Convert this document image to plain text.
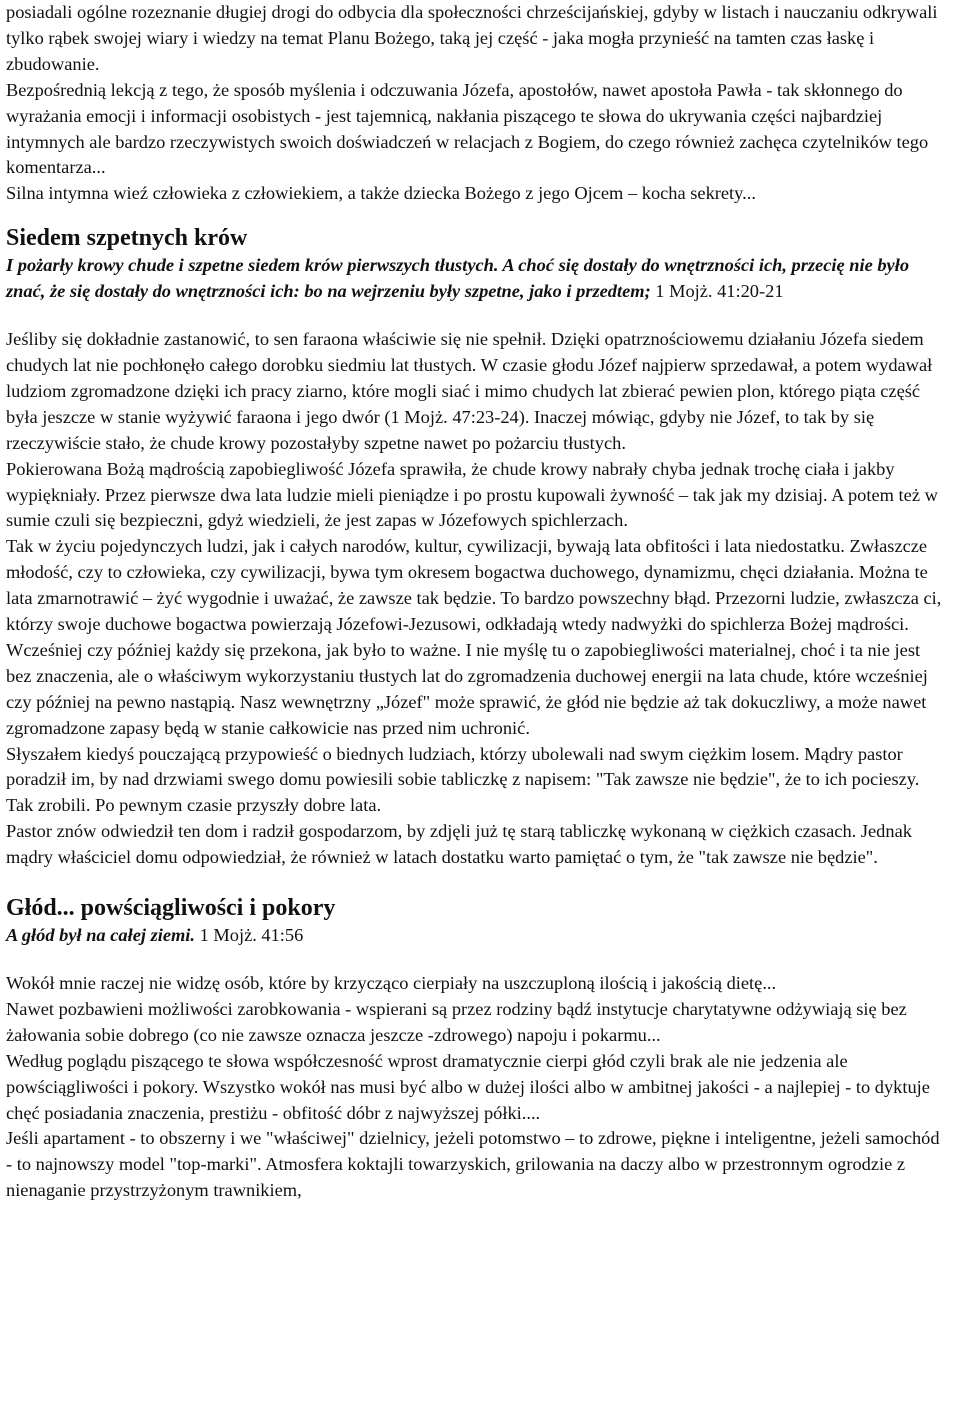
posiadali ogólne rozeznanie długiej drogi do odbycia dla społeczności chrześcijańskiej, gdyby w listach i nauczaniu odkrywali tylko rąbek swojej wiary i wiedzy na temat Planu Bożego, taką jej część - jaka mogła przynieść na tamten czas łaskę i zbudowanie.

Bezpośrednią lekcją z tego, że sposób myślenia i odczuwania Józefa, apostołów, nawet apostoła Pawła - tak skłonnego do wyrażania emocji i informacji osobistych - jest tajemnicą, nakłania piszącego te słowa do ukrywania części najbardziej intymnych ale bardzo rzeczywistych swoich doświadczeń w relacjach z Bogiem, do czego również zachęca czytelników tego komentarza...

Silna intymna wieź człowieka z człowiekiem, a także dziecka Bożego z jego Ojcem – kocha sekrety...

Siedem szpetnych krów

I pożarły krowy chude i szpetne siedem krów pierwszych tłustych. A choć się dostały do wnętrzności ich, przecię nie było znać, że się dostały do wnętrzności ich: bo na wejrzeniu były szpetne, jako i przedtem; 1 Mojż. 41:20-21

Jeśliby się dokładnie zastanowić, to sen faraona właściwie się nie spełnił. Dzięki opatrznościowemu działaniu Józefa siedem chudych lat nie pochłonęło całego dorobku siedmiu lat tłustych. W czasie głodu Józef najpierw sprzedawał, a potem wydawał ludziom zgromadzone dzięki ich pracy ziarno, które mogli siać i mimo chudych lat zbierać pewien plon, którego piąta część była jeszcze w stanie wyżywić faraona i jego dwór (1 Mojż. 47:23-24). Inaczej mówiąc, gdyby nie Józef, to tak by się rzeczywiście stało, że chude krowy pozostałyby szpetne nawet po pożarciu tłustych.

Pokierowana Bożą mądrością zapobiegliwość Józefa sprawiła, że chude krowy nabrały chyba jednak trochę ciała i jakby wypiękniały. Przez pierwsze dwa lata ludzie mieli pieniądze i po prostu kupowali żywność – tak jak my dzisiaj. A potem też w sumie czuli się bezpieczni, gdyż wiedzieli, że jest zapas w Józefowych spichlerzach.

Tak w życiu pojedynczych ludzi, jak i całych narodów, kultur, cywilizacji, bywają lata obfitości i lata niedostatku. Zwłaszcze młodość, czy to człowieka, czy cywilizacji, bywa tym okresem bogactwa duchowego, dynamizmu, chęci działania. Można te lata zmarnotrawić – żyć wygodnie i uważać, że zawsze tak będzie. To bardzo powszechny błąd. Przezorni ludzie, zwłaszcza ci, którzy swoje duchowe bogactwa powierzają Józefowi-Jezusowi, odkładają wtedy nadwyżki do spichlerza Bożej mądrości. Wcześniej czy później każdy się przekona, jak było to ważne. I nie myślę tu o zapobiegliwości materialnej, choć i ta nie jest bez znaczenia, ale o właściwym wykorzystaniu tłustych lat do zgromadzenia duchowej energii na lata chude, które wcześniej czy później na pewno nastąpią. Nasz wewnętrzny „Józef" może sprawić, że głód nie będzie aż tak dokuczliwy, a może nawet zgromadzone zapasy będą w stanie całkowicie nas przed nim uchronić.

Słyszałem kiedyś pouczającą przypowieść o biednych ludziach, którzy ubolewali nad swym ciężkim losem. Mądry pastor poradził im, by nad drzwiami swego domu powiesili sobie tabliczkę z napisem: "Tak zawsze nie będzie", że to ich pocieszy. Tak zrobili. Po pewnym czasie przyszły dobre lata.

Pastor znów odwiedził ten dom i radził gospodarzom, by zdjęli już tę starą tabliczkę wykonaną w ciężkich czasach. Jednak mądry właściciel domu odpowiedział, że również w latach dostatku warto pamiętać o tym, że "tak zawsze nie będzie".

Głód... powściągliwości i pokory

A głód był na całej ziemi. 1 Mojż. 41:56

Wokół mnie raczej nie widzę osób, które by krzycząco cierpiały na uszczuploną ilością i jakością dietę...

Nawet pozbawieni możliwości zarobkowania - wspierani są przez rodziny bądź instytucje charytatywne odżywiają się bez żałowania sobie dobrego (co nie zawsze oznacza jeszcze -zdrowego) napoju i pokarmu...

Według poglądu piszącego te słowa współczesność wprost dramatycznie cierpi głód czyli brak ale nie jedzenia ale powściągliwości i pokory. Wszystko wokół nas musi być albo w dużej ilości albo w ambitnej jakości - a najlepiej - to dyktuje chęć posiadania znaczenia, prestiżu - obfitość dóbr z najwyższej półki....

Jeśli apartament - to obszerny i we "właściwej" dzielnicy, jeżeli potomstwo – to zdrowe, piękne i inteligentne, jeżeli samochód - to najnowszy model "top-marki". Atmosfera koktajli towarzyskich, grilowania na daczy albo w przestronnym ogrodzie z nienaganie przystrzyżonym trawnikiem,
